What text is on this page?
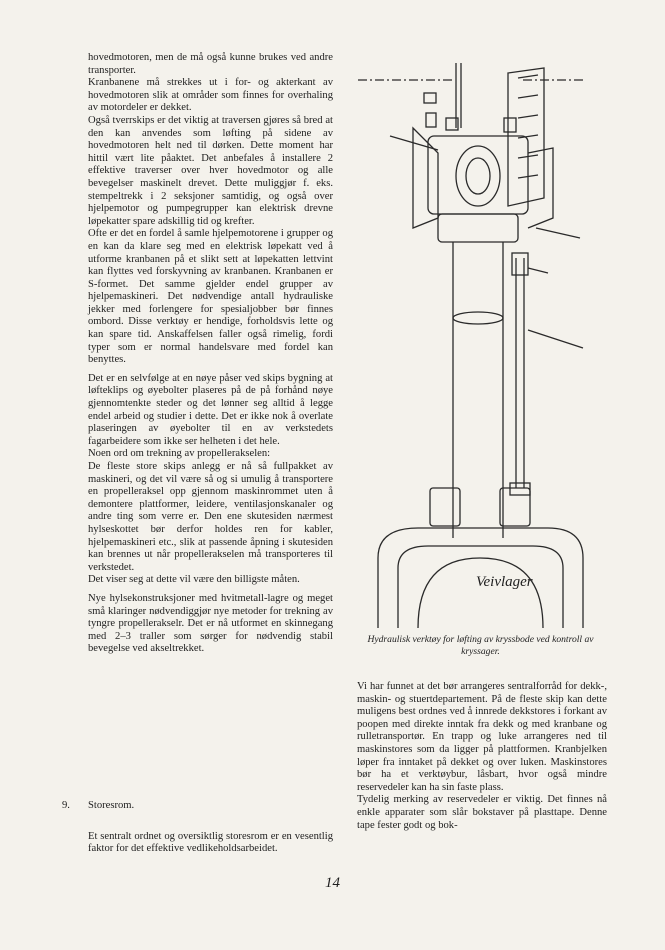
hovedmotoren, men de må også kunne brukes ved andre transporter.

Kranbanene må strekkes ut i for- og akterkant av hovedmotoren slik at områder som finnes for overhaling av motordeler er dekket.

Også tverrskips er det viktig at traversen gjøres så bred at den kan anvendes som løfting på sidene av hovedmotoren helt ned til dørken. Dette moment har hittil vært lite påaktet. Det anbefales å installere 2 effektive traverser over hver hovedmotor og alle bevegelser maskinelt drevet. Dette muliggjør f. eks. stempeltrekk i 2 seksjoner samtidig, og også over hjelpemotor og pumpegrupper kan elektrisk drevne løpekatter spare adskillig tid og krefter.

Ofte er det en fordel å samle hjelpemotorene i grupper og en kan da klare seg med en elektrisk løpekatt ved å utforme kranbanen på et slikt sett at løpekatten lettvint kan flyttes ved forskyvning av kranbanen. Kranbanen er S-formet. Det samme gjelder endel grupper av hjelpemaskineri. Det nødvendige antall hydrauliske jekker med forlengere for spesialjobber bør finnes ombord. Disse verktøy er hendige, forholdsvis lette og kan spare tid. Anskaffelsen faller også rimelig, fordi typer som er normal handelsvare med fordel kan benyttes.

Det er en selvfølge at en nøye påser ved skips bygning at løfteklips og øyebolter plaseres på de på forhånd nøye gjennomtenkte steder og det lønner seg alltid å legge endel arbeid og studier i dette. Det er ikke nok å overlate plaseringen av øyebolter til en av verkstedets fagarbeidere som ikke ser helheten i det hele.

Noen ord om trekning av propellerakselen:

De fleste store skips anlegg er nå så fullpakket av maskineri, og det vil være så og si umulig å transportere en propelleraksel opp gjennom maskinrommet uten å demontere plattformer, leidere, ventilasjonskanaler og andre ting som verre er. Den ene skutesiden nærmest hylseskottet bør derfor holdes ren for kabler, hjelpemaskineri etc., slik at passende åpning i skutesiden kan brennes ut når propellerakselen må transporteres til verkstedet.

Det viser seg at dette vil være den billigste måten.

Nye hylsekonstruksjoner med hvitmetall-lagre og meget små klaringer nødvendiggjør nye metoder for trekning av tyngre propellerakselr. Det er nå utformet en skinnegang med 2–3 traller som sørger for nødvendig stabil bevegelse ved akseltrekket.

9. Storesrom.

Et sentralt ordnet og oversiktlig storesrom er en vesentlig faktor for det effektive vedlikeholdsarbeidet.

Veivlager
Hydraulisk verktøy for løfting av kryssbode ved kontroll av kryssager.

Vi har funnet at det bør arrangeres sentralforråd for dekk-, maskin- og stuertdepartement. På de fleste skip kan dette muligens best ordnes ved å innrede dekkstores i forkant av poopen med direkte inntak fra dekk og med kranbane og rulletransportør. En trapp og luke arrangeres ned til maskinstores som da ligger på plattformen. Kranbjelken løper fra inntaket på dekket og over luken. Maskinstores bør ha et verktøybur, låsbart, hvor også mindre reservedeler kan ha sin faste plass.

Tydelig merking av reservedeler er viktig. Det finnes nå enkle apparater som slår bokstaver på plasttape. Denne tape fester godt og bok-

14
